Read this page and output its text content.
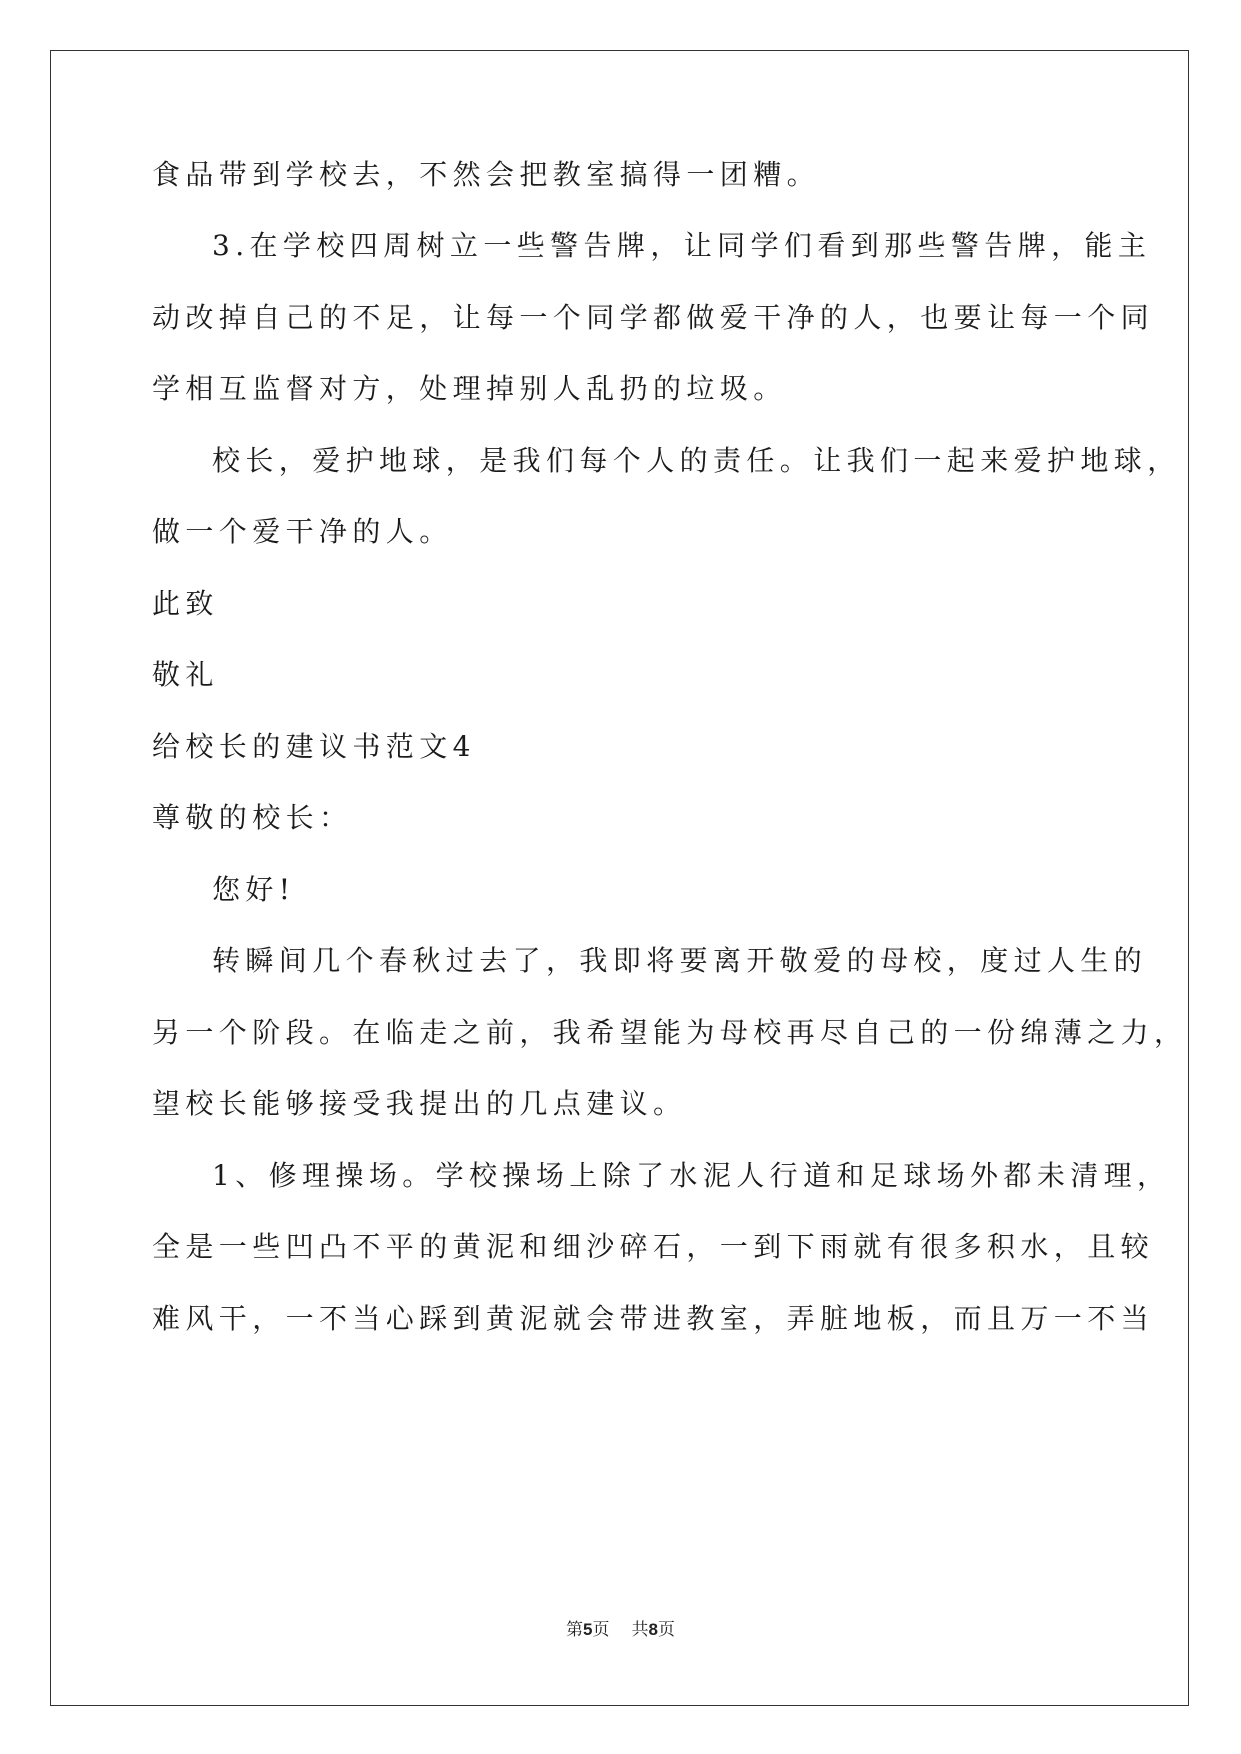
食品带到学校去，不然会把教室搞得一团糟。
3.在学校四周树立一些警告牌，让同学们看到那些警告牌，能主
动改掉自己的不足，让每一个同学都做爱干净的人，也要让每一个同
学相互监督对方，处理掉别人乱扔的垃圾。
校长，爱护地球，是我们每个人的责任。让我们一起来爱护地球，
做一个爱干净的人。
此致
敬礼
给校长的建议书范文4
尊敬的校长：
您好!
转瞬间几个春秋过去了，我即将要离开敬爱的母校，度过人生的
另一个阶段。在临走之前，我希望能为母校再尽自己的一份绵薄之力，
望校长能够接受我提出的几点建议。
1、修理操场。学校操场上除了水泥人行道和足球场外都未清理，
全是一些凹凸不平的黄泥和细沙碎石，一到下雨就有很多积水，且较
难风干，一不当心踩到黄泥就会带进教室，弄脏地板，而且万一不当
第5页 共8页
